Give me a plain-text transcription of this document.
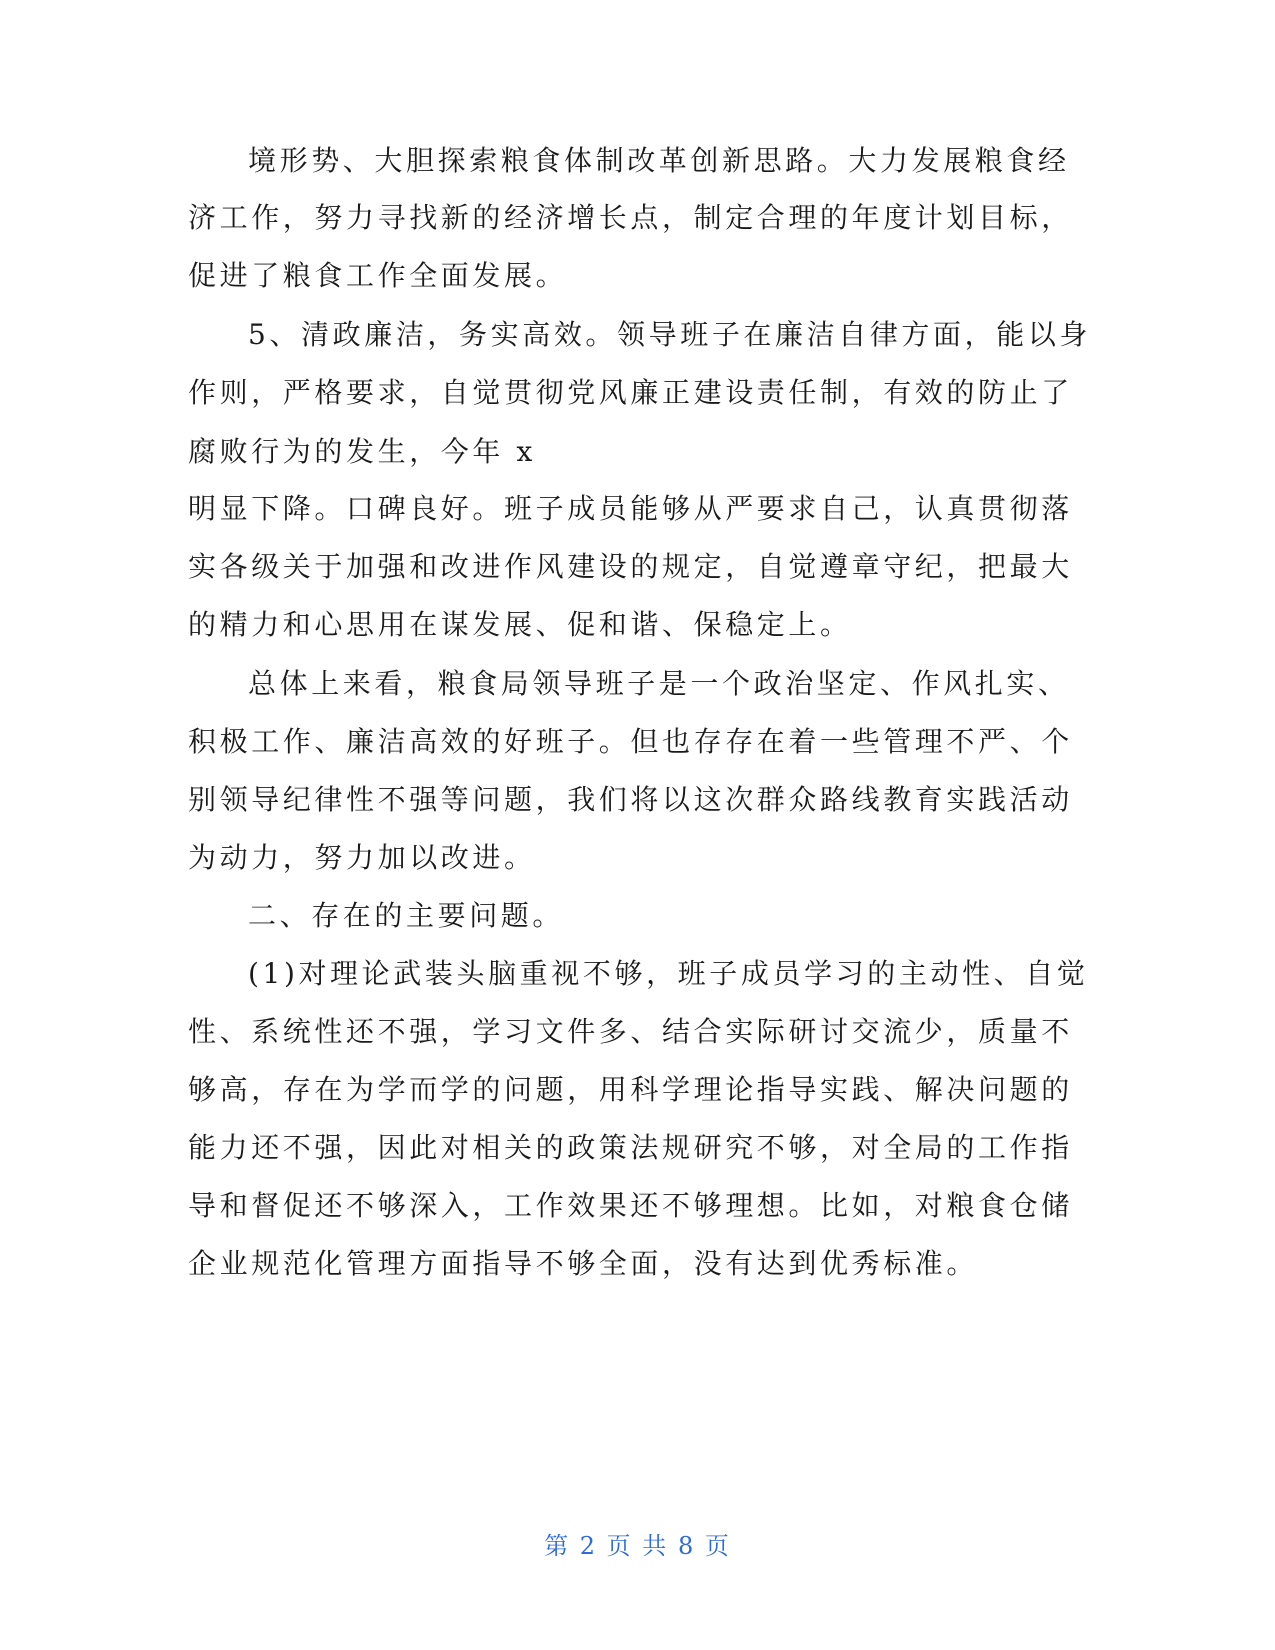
境形势、大胆探索粮食体制改革创新思路。大力发展粮食经
济工作，努力寻找新的经济增长点，制定合理的年度计划目标，
促进了粮食工作全面发展。
5、清政廉洁，务实高效。领导班子在廉洁自律方面，能以身
作则，严格要求，自觉贯彻党风廉正建设责任制，有效的防止了
腐败行为的发生，今年 x
明显下降。口碑良好。班子成员能够从严要求自己，认真贯彻落
实各级关于加强和改进作风建设的规定，自觉遵章守纪，把最大
的精力和心思用在谋发展、促和谐、保稳定上。
总体上来看，粮食局领导班子是一个政治坚定、作风扎实、
积极工作、廉洁高效的好班子。但也存存在着一些管理不严、个
别领导纪律性不强等问题，我们将以这次群众路线教育实践活动
为动力，努力加以改进。
二、存在的主要问题。
(1)对理论武装头脑重视不够，班子成员学习的主动性、自觉
性、系统性还不强，学习文件多、结合实际研讨交流少，质量不
够高，存在为学而学的问题，用科学理论指导实践、解决问题的
能力还不强，因此对相关的政策法规研究不够，对全局的工作指
导和督促还不够深入，工作效果还不够理想。比如，对粮食仓储
企业规范化管理方面指导不够全面，没有达到优秀标准。
第 2 页 共 8 页
